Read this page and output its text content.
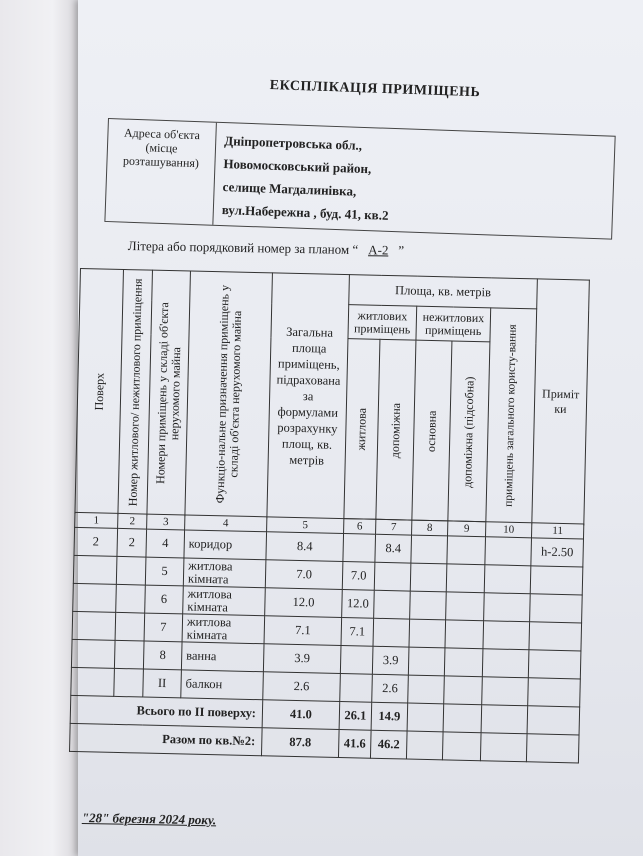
ЕКСПЛІКАЦІЯ ПРИМІЩЕНЬ
Адреса об'єкта (місце розташування)
Дніпропетровська обл.,
Новомосковський район,
селище Магдалинівка,
вул.Набережна , буд. 41, кв.2
Літера або порядковий номер за планом “ А-2 ”
Поверх	Номер житлового/ нежитлового приміщення	Номери приміщень у складі об'єкта нерухомого майна	Функціо-нальне призначення приміщень у складі об'єкта нерухомого майна	Загальна площа приміщень, підрахована за формулами розрахунку площ, кв. метрів	Площа, кв. метрів					Приміт ки
					житлових приміщень		нежитлових приміщень		приміщень загального користу-вання	

					житлова	допоміжна	основна	допоміжна (підсобна)		

1	2	3	4	5	6	7	8	9	10	11
2	2	4	коридор	8.4		8.4				h-2.50
		5	житлова кімната	7.0	7.0					
		6	житлова кімната	12.0	12.0					
		7	житлова кімната	7.1	7.1					
		8	ванна	3.9		3.9				
		II	балкон	2.6		2.6				
Всього по II поверху:				41.0	26.1	14.9				
Разом по кв.№2:				87.8	41.6	46.2				
"28" березня 2024 року.
